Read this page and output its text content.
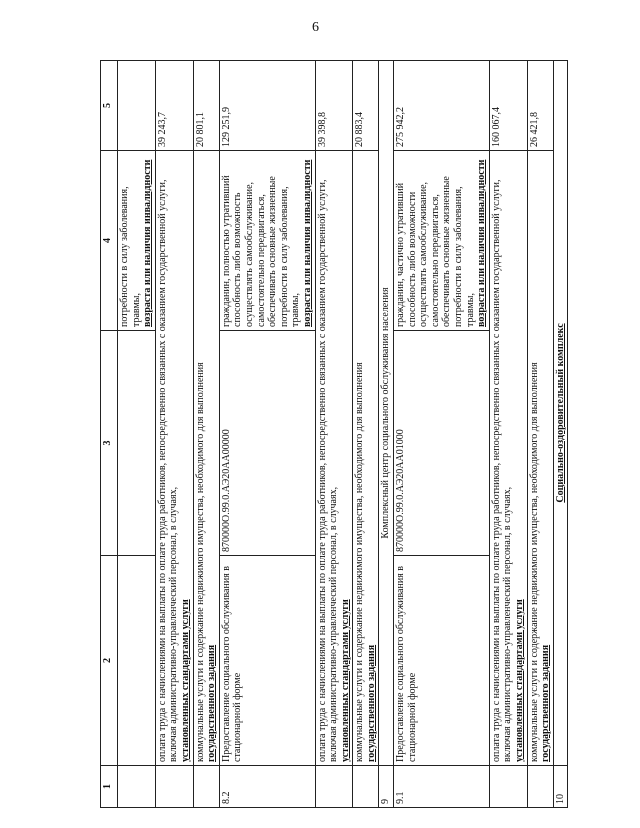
6
1	2	3	4	5
			потребности в силу заболевания, травмы,
возраста или наличия инвалидности	
	оплата труда с начислениями на выплаты по оплате труда работников, непосредственно связанных с оказанием государственной услуги, включая административно-управленческий персонал, в случаях,
установленных стандартами услуги			39 243,7
	коммунальные услуги и содержание недвижимого имущества, необходимого для выполнения
государственного задания			20 801,1
8.2	Предоставление социального обслуживания в стационарной форме	870000О.99.0.АЭ20АА00000	гражданин, полностью утративший способность либо возможность осуществлять самообслуживание, самостоятельно передвигаться, обеспечивать основные жизненные потребности в силу заболевания, травмы,
возраста или наличия инвалидности	129 251,9
	оплата труда с начислениями на выплаты по оплате труда работников, непосредственно связанных с оказанием государственной услуги, включая административно-управленческий персонал, в случаях,
установленных стандартами услуги			39 398,8
	коммунальные услуги и содержание недвижимого имущества, необходимого для выполнения
государственного задания			20 883,4
9	Комплексный центр социального обслуживания населения			
9.1	Предоставление социального обслуживания в стационарной форме	870000О.99.0.АЭ20АА01000	гражданин, частично утративший способность либо возможности осуществлять самообслуживание, самостоятельно передвигаться, обеспечивать основные жизненные потребности в силу заболевания, травмы,
возраста или наличия инвалидности	275 942,2
	оплата труда с начислениями на выплаты по оплате труда работников, непосредственно связанных с оказанием государственной услуги, включая административно-управленческий персонал, в случаях,
установленных стандартами услуги			160 067,4
	коммунальные услуги и содержание недвижимого имущества, необходимого для выполнения
государственного задания			26 421,8
10	Социально-оздоровительный комплекс			
